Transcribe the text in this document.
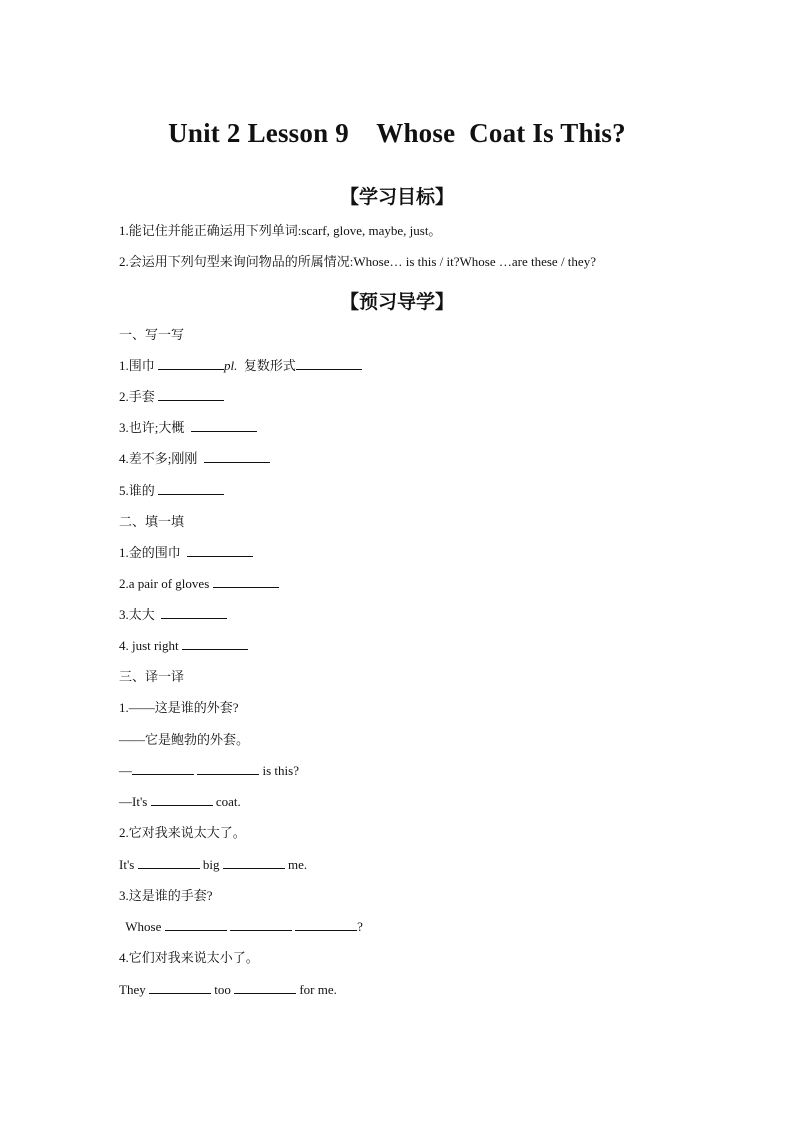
Unit 2 Lesson 9    Whose  Coat Is This?
【学习目标】
1.能记住并能正确运用下列单词:scarf, glove, maybe, just。
2.会运用下列句型来询问物品的所属情况:Whose… is this / it?Whose …are these / they?
【预习导学】
一、写一写
1.围巾	pl.  复数形式
2.手套
3.也许;大概
4.差不多;刚刚
5.谁的
二、填一填
1.金的围巾
2.a pair of gloves
3.太大
4. just right
三、译一译
1.——这是谁的外套?
——它是鲍勃的外套。
—	is this?
—It's	coat.
2.它对我来说太大了。
It's	big	me.
3.这是谁的手套?
Whose	?
4.它们对我来说太小了。
They	too	for me.
